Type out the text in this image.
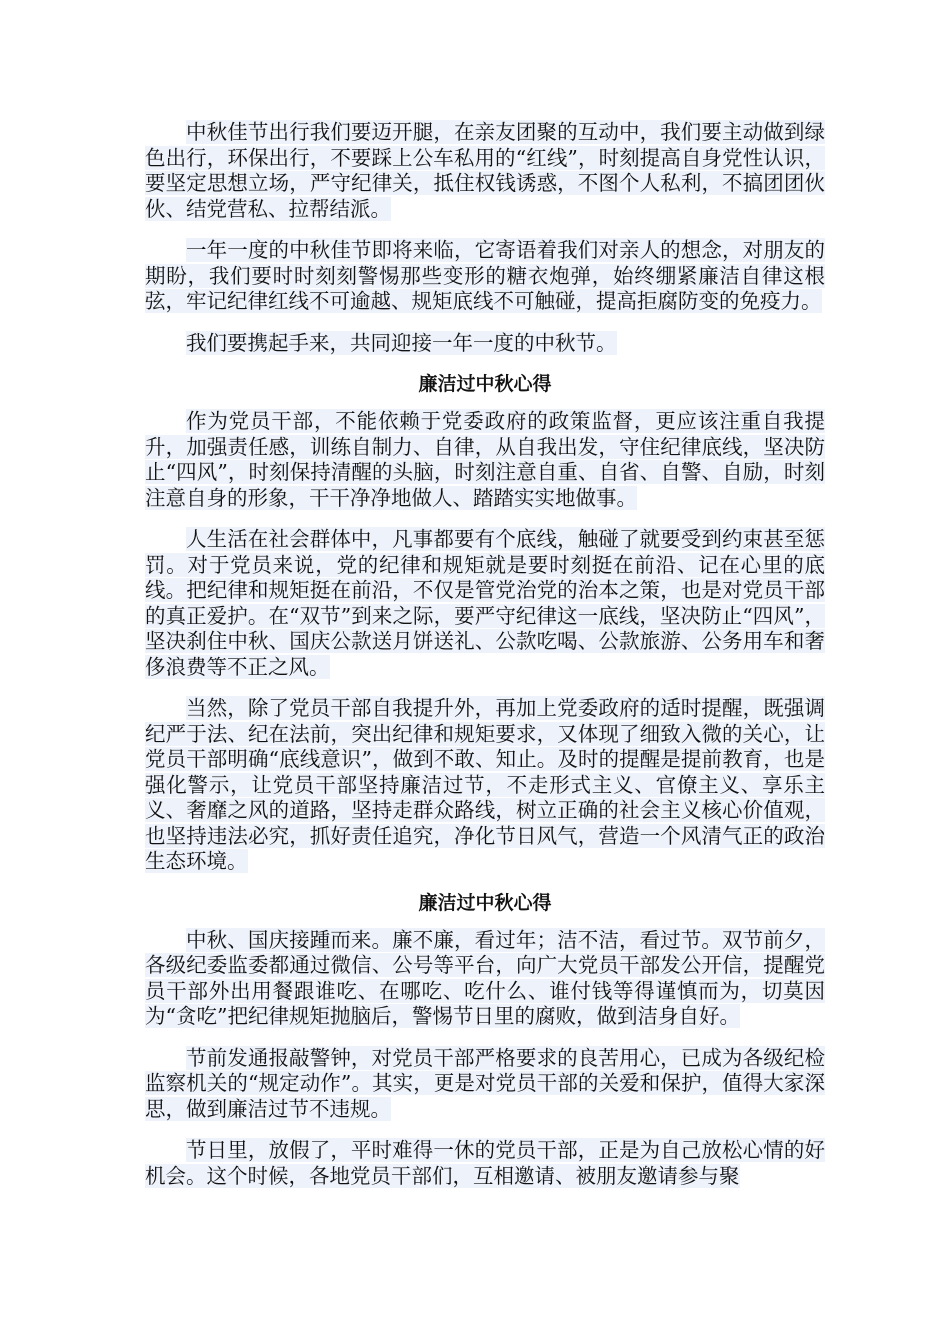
中秋佳节出行我们要迈开腿，在亲友团聚的互动中，我们要主动做到绿色出行，环保出行，不要踩上公车私用的“红线”，时刻提高自身党性认识，要坚定思想立场，严守纪律关，抵住权钱诱惑，不图个人私利，不搞团团伙伙、结党营私、拉帮结派。

一年一度的中秋佳节即将来临，它寄语着我们对亲人的想念，对朋友的期盼，我们要时时刻刻警惕那些变形的糖衣炮弹，始终绷紧廉洁自律这根弦，牢记纪律红线不可逾越、规矩底线不可触碰，提高拒腐防变的免疫力。

我们要携起手来，共同迎接一年一度的中秋节。

廉洁过中秋心得

作为党员干部，不能依赖于党委政府的政策监督，更应该注重自我提升，加强责任感，训练自制力、自律，从自我出发，守住纪律底线，坚决防止“四风”，时刻保持清醒的头脑，时刻注意自重、自省、自警、自励，时刻注意自身的形象，干干净净地做人、踏踏实实地做事。

人生活在社会群体中，凡事都要有个底线，触碰了就要受到约束甚至惩罚。对于党员来说，党的纪律和规矩就是要时刻挺在前沿、记在心里的底线。把纪律和规矩挺在前沿，不仅是管党治党的治本之策，也是对党员干部的真正爱护。在“双节”到来之际，要严守纪律这一底线，坚决防止“四风”，坚决刹住中秋、国庆公款送月饼送礼、公款吃喝、公款旅游、公务用车和奢侈浪费等不正之风。

当然，除了党员干部自我提升外，再加上党委政府的适时提醒，既强调纪严于法、纪在法前，突出纪律和规矩要求，又体现了细致入微的关心，让党员干部明确“底线意识”，做到不敢、知止。及时的提醒是提前教育，也是强化警示，让党员干部坚持廉洁过节，不走形式主义、官僚主义、享乐主义、奢靡之风的道路，坚持走群众路线，树立正确的社会主义核心价值观，也坚持违法必究，抓好责任追究，净化节日风气，营造一个风清气正的政治生态环境。

廉洁过中秋心得

中秋、国庆接踵而来。廉不廉，看过年；洁不洁，看过节。双节前夕，各级纪委监委都通过微信、公号等平台，向广大党员干部发公开信，提醒党员干部外出用餐跟谁吃、在哪吃、吃什么、谁付钱等得谨慎而为，切莫因为“贪吃”把纪律规矩抛脑后，警惕节日里的腐败，做到洁身自好。

节前发通报敲警钟，对党员干部严格要求的良苦用心，已成为各级纪检监察机关的“规定动作”。其实，更是对党员干部的关爱和保护，值得大家深思，做到廉洁过节不违规。

节日里，放假了，平时难得一休的党员干部，正是为自己放松心情的好机会。这个时候，各地党员干部们，互相邀请、被朋友邀请参与聚
